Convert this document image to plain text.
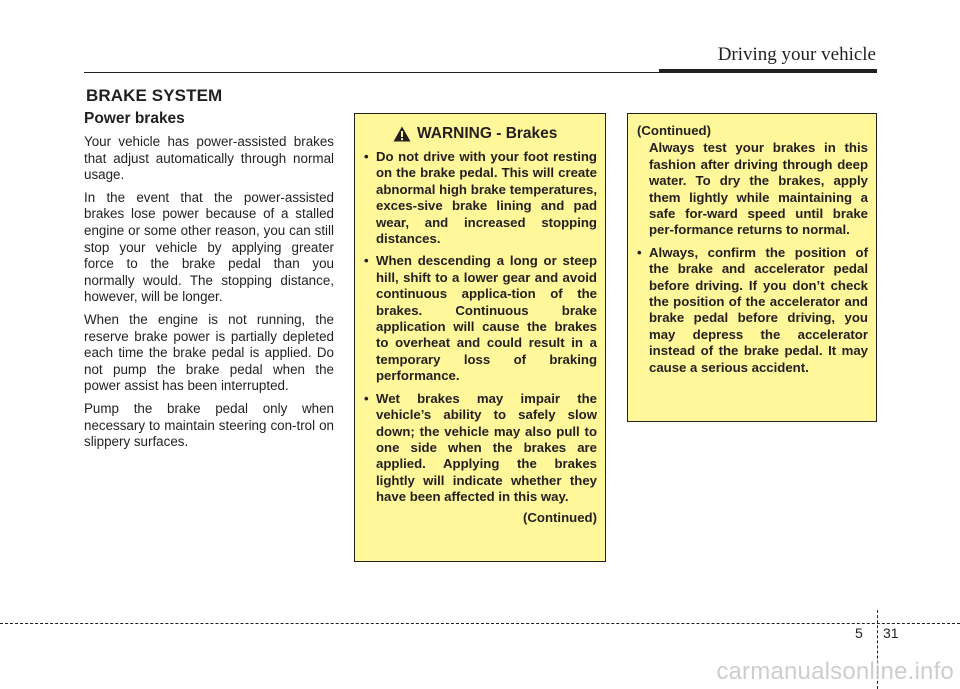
Driving your vehicle
BRAKE SYSTEM
Power brakes

Your vehicle has power-assisted brakes that adjust automatically through normal usage.

In the event that the power-assisted brakes lose power because of a stalled engine or some other reason, you can still stop your vehicle by applying greater force to the brake pedal than you normally would. The stopping distance, however, will be longer.

When the engine is not running, the reserve brake power is partially depleted each time the brake pedal is applied. Do not pump the brake pedal when the power assist has been interrupted.

Pump the brake pedal only when necessary to maintain steering con-trol on slippery surfaces.

WARNING - Brakes
• Do not drive with your foot resting on the brake pedal. This will create abnormal high brake temperatures, exces-sive brake lining and pad wear, and increased stopping distances.
• When descending a long or steep hill, shift to a lower gear and avoid continuous applica-tion of the brakes. Continuous brake application will cause the brakes to overheat and could result in a temporary loss of braking performance.
• Wet brakes may impair the vehicle’s ability to safely slow down; the vehicle may also pull to one side when the brakes are applied. Applying the brakes lightly will indicate whether they have been affected in this way.
(Continued)
(Continued)

Always test your brakes in this fashion after driving through deep water. To dry the brakes, apply them lightly while maintaining a safe for-ward speed until brake per-formance returns to normal.

• Always, confirm the position of the brake and accelerator pedal before driving. If you don’t check the position of the accelerator and brake pedal before driving, you may depress the accelerator instead of the brake pedal. It may cause a serious accident.
5 31
carmanualsonline.info
